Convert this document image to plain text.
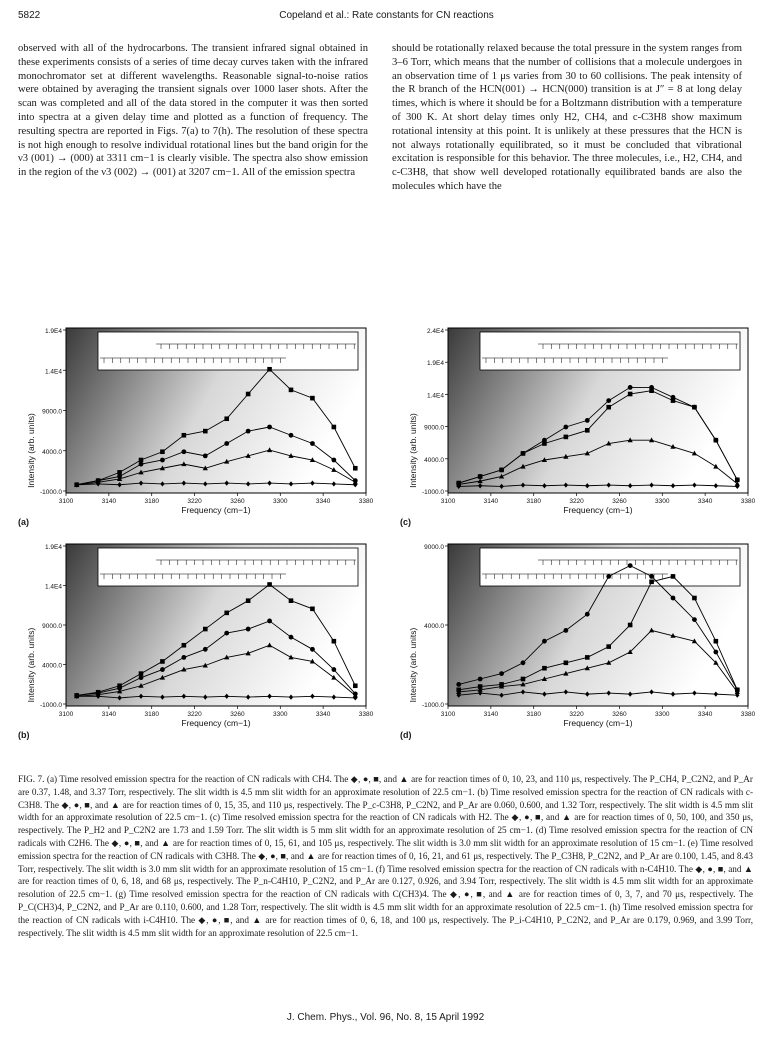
5822	Copeland et al.: Rate constants for CN reactions
observed with all of the hydrocarbons. The transient infrared signal obtained in these experiments consists of a series of time decay curves taken with the infrared monochromator set at different wavelengths. Reasonable signal-to-noise ratios were obtained by averaging the transient signals over 1000 laser shots. After the scan was completed and all of the data stored in the computer it was then sorted into spectra at a given delay time and plotted as a function of frequency. The resulting spectra are reported in Figs. 7(a) to 7(h). The resolution of these spectra is not high enough to resolve individual rotational lines but the band origin for the ν3 (001) → (000) at 3311 cm−1 is clearly visible. The spectra also show emission in the region of the ν3 (002) → (001) at 3207 cm−1. All of the emission spectra
should be rotationally relaxed because the total pressure in the system ranges from 3–6 Torr, which means that the number of collisions that a molecule undergoes in an observation time of 1 μs varies from 30 to 60 collisions. The peak intensity of the R branch of the HCN(001) → HCN(000) transition is at J″ = 8 at long delay times, which is where it should be for a Boltzmann distribution with a temperature of 300 K. At short delay times only H2, CH4, and c-C3H8 show maximum rotational intensity at this point. It is unlikely at these pressures that the HCN is not always rotationally equilibrated, so it must be concluded that vibrational excitation is responsible for this behavior. The three molecules, i.e., H2, CH4, and c-C3H8, that show well developed rotationally equilibrated bands are also the molecules which have the
1.9E4
1.4E4
9000.0
4000.0
-1000.0
3100	3140	3180	3220	3260	3300	3340	3380
Frequency (cm−1)
Intensity (arb. units)
1.9E4
1.4E4
9000.0
4000.0
-1000.0
3100	3140	3180	3220	3260	3300	3340	3380
Frequency (cm−1)
Intensity (arb. units)
2.4E4
1.9E4
1.4E4
9000.0
4000.0
-1000.0
3100	3140	3180	3220	3260	3300	3340	3380
Frequency (cm−1)
Intensity (arb. units)
9000.0
4000.0
-1000.0
3100	3140	3180	3220	3260	3300	3340	3380
Frequency (cm−1)
Intensity (arb. units)
(a)
(b)
(c)
(d)
FIG. 7. (a) Time resolved emission spectra for the reaction of CN radicals with CH4. The ◆, ●, ■, and ▲ are for reaction times of 0, 10, 23, and 110 μs, respectively. The P_CH4, P_C2N2, and P_Ar are 0.37, 1.48, and 3.37 Torr, respectively. The slit width is 4.5 mm slit width for an approximate resolution of 22.5 cm−1. (b) Time resolved emission spectra for the reaction of CN radicals with c-C3H8. The ◆, ●, ■, and ▲ are for reaction times of 0, 15, 35, and 110 μs, respectively. The P_c-C3H8, P_C2N2, and P_Ar are 0.060, 0.600, and 1.32 Torr, respectively. The slit width is 4.5 mm slit width for an approximate resolution of 22.5 cm−1. (c) Time resolved emission spectra for the reaction of CN radicals with H2. The ◆, ●, ■, and ▲ are for reaction times of 0, 50, 100, and 350 μs, respectively. The P_H2 and P_C2N2 are 1.73 and 1.59 Torr. The slit width is 5 mm slit width for an approximate resolution of 25 cm−1. (d) Time resolved emission spectra for the reaction of CN radicals with C2H6. The ◆, ●, ■, and ▲ are for reaction times of 0, 15, 61, and 105 μs, respectively. The slit width is 3.0 mm slit width for an approximate resolution of 15 cm−1. (e) Time resolved emission spectra for the reaction of CN radicals with C3H8. The ◆, ●, ■, and ▲ are for reaction times of 0, 16, 21, and 61 μs, respectively. The P_C3H8, P_C2N2, and P_Ar are 0.100, 1.45, and 8.43 Torr, respectively. The slit width is 3.0 mm slit width for an approximate resolution of 15 cm−1. (f) Time resolved emission spectra for the reaction of CN radicals with n-C4H10. The ◆, ●, ■, and ▲ are for reaction times of 0, 6, 18, and 68 μs, respectively. The P_n-C4H10, P_C2N2, and P_Ar are 0.127, 0.926, and 3.94 Torr, respectively. The slit width is 4.5 mm slit width for an approximate resolution of 22.5 cm−1. (g) Time resolved emission spectra for the reaction of CN radicals with C(CH3)4. The ◆, ●, ■, and ▲ are for reaction times of 0, 3, 7, and 70 μs, respectively. The P_C(CH3)4, P_C2N2, and P_Ar are 0.110, 0.600, and 1.28 Torr, respectively. The slit width is 4.5 mm slit width for an approximate resolution of 22.5 cm−1. (h) Time resolved emission spectra for the reaction of CN radicals with i-C4H10. The ◆, ●, ■, and ▲ are for reaction times of 0, 6, 18, and 100 μs, respectively. The P_i-C4H10, P_C2N2, and P_Ar are 0.179, 0.969, and 3.99 Torr, respectively. The slit width is 4.5 mm slit width for an approximate resolution of 22.5 cm−1.
J. Chem. Phys., Vol. 96, No. 8, 15 April 1992
